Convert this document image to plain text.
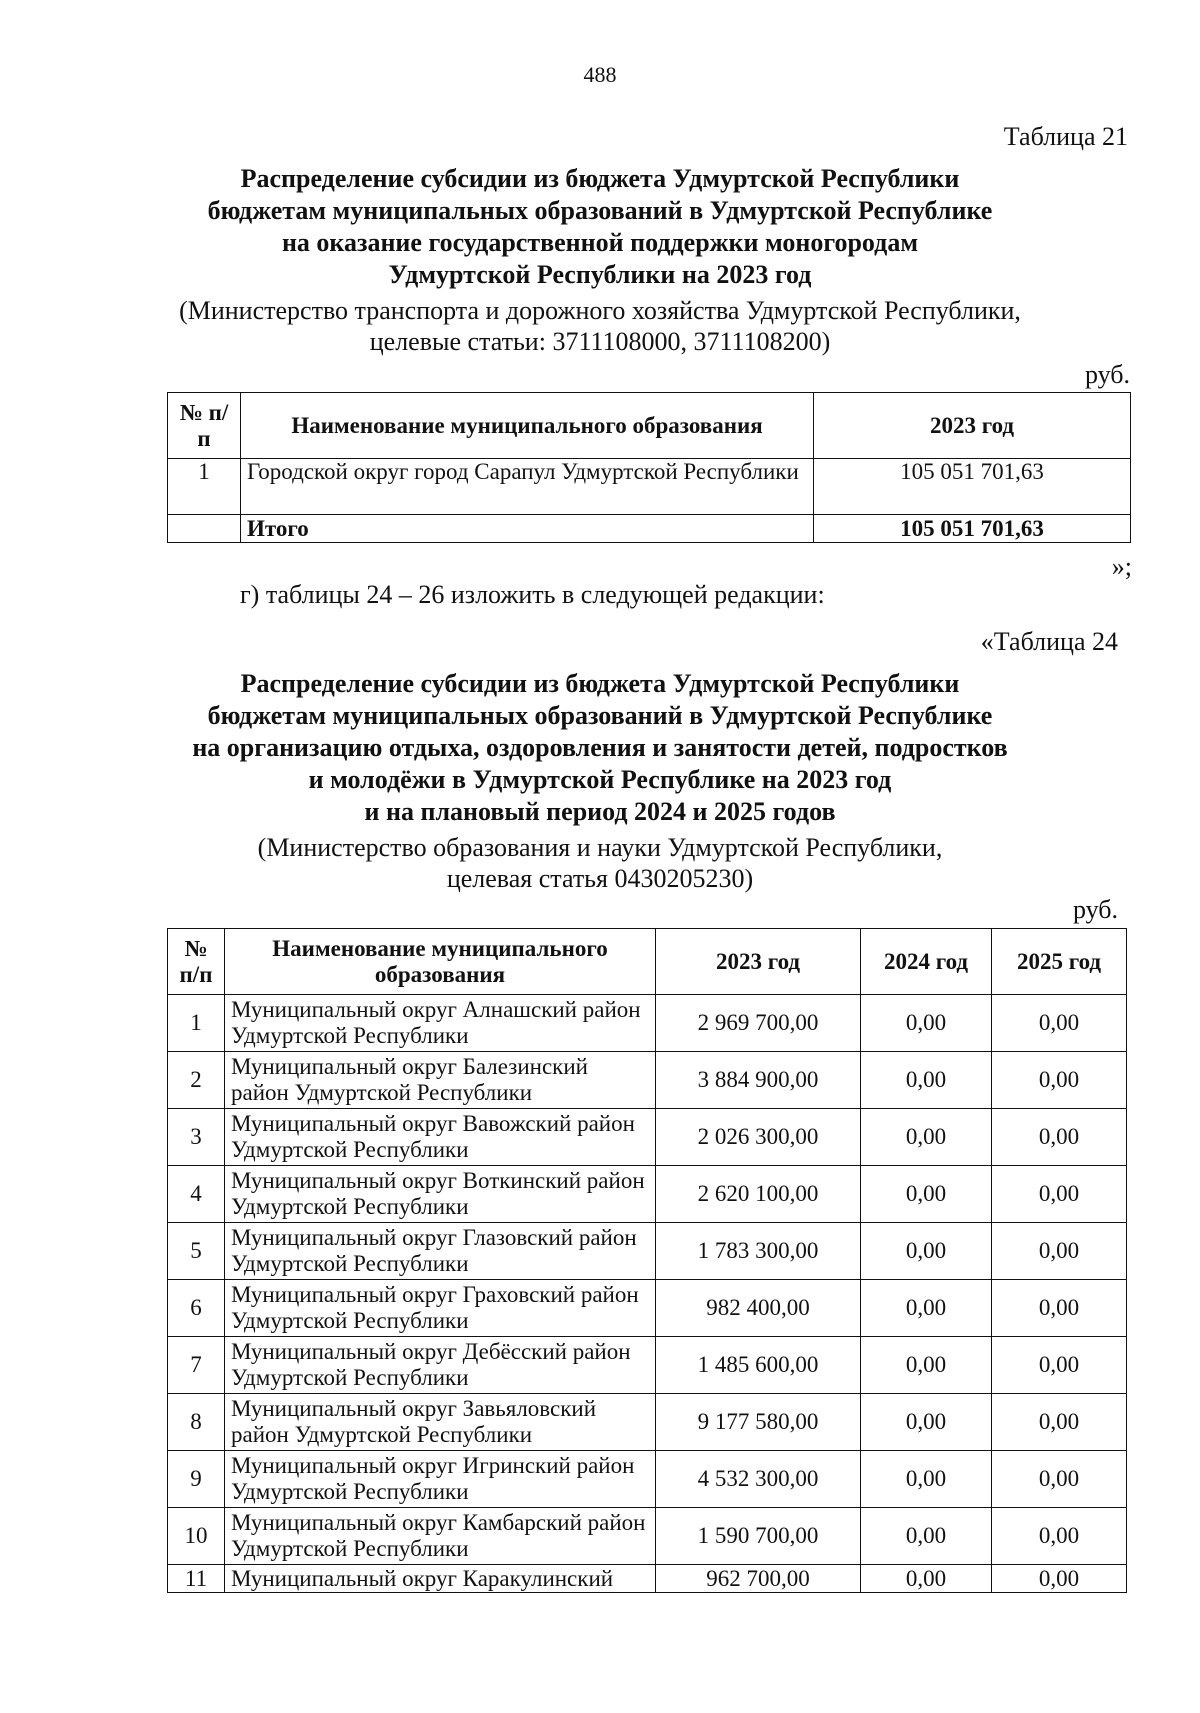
488
Таблица 21
Распределение субсидии из бюджета Удмуртской Республики
бюджетам муниципальных образований в Удмуртской Республике
на оказание государственной поддержки моногородам
Удмуртской Республики на 2023 год
(Министерство транспорта и дорожного хозяйства Удмуртской Республики,
целевые статьи: 3711108000, 3711108200)
руб.
№ п/п	Наименование муниципального образования	2023 год
1	Городской округ город Сарапул Удмуртской Республики	105 051 701,63
	Итого	105 051 701,63
»;
г) таблицы 24 – 26 изложить в следующей редакции:
«Таблица 24
Распределение субсидии из бюджета Удмуртской Республики
бюджетам муниципальных образований в Удмуртской Республике
на организацию отдыха, оздоровления и занятости детей, подростков
и молодёжи в Удмуртской Республике на 2023 год
и на плановый период 2024 и 2025 годов
(Министерство образования и науки Удмуртской Республики,
целевая статья 0430205230)
руб.
№ п/п	Наименование муниципального образования	2023 год	2024 год	2025 год
1	Муниципальный округ Алнашский район Удмуртской Республики	2 969 700,00	0,00	0,00
2	Муниципальный округ Балезинский район Удмуртской Республики	3 884 900,00	0,00	0,00
3	Муниципальный округ Вавожский район Удмуртской Республики	2 026 300,00	0,00	0,00
4	Муниципальный округ Воткинский район Удмуртской Республики	2 620 100,00	0,00	0,00
5	Муниципальный округ Глазовский район Удмуртской Республики	1 783 300,00	0,00	0,00
6	Муниципальный округ Граховский район Удмуртской Республики	982 400,00	0,00	0,00
7	Муниципальный округ Дебёсский район Удмуртской Республики	1 485 600,00	0,00	0,00
8	Муниципальный округ Завьяловский район Удмуртской Республики	9 177 580,00	0,00	0,00
9	Муниципальный округ Игринский район Удмуртской Республики	4 532 300,00	0,00	0,00
10	Муниципальный округ Камбарский район Удмуртской Республики	1 590 700,00	0,00	0,00
11	Муниципальный округ Каракулинский	962 700,00	0,00	0,00
